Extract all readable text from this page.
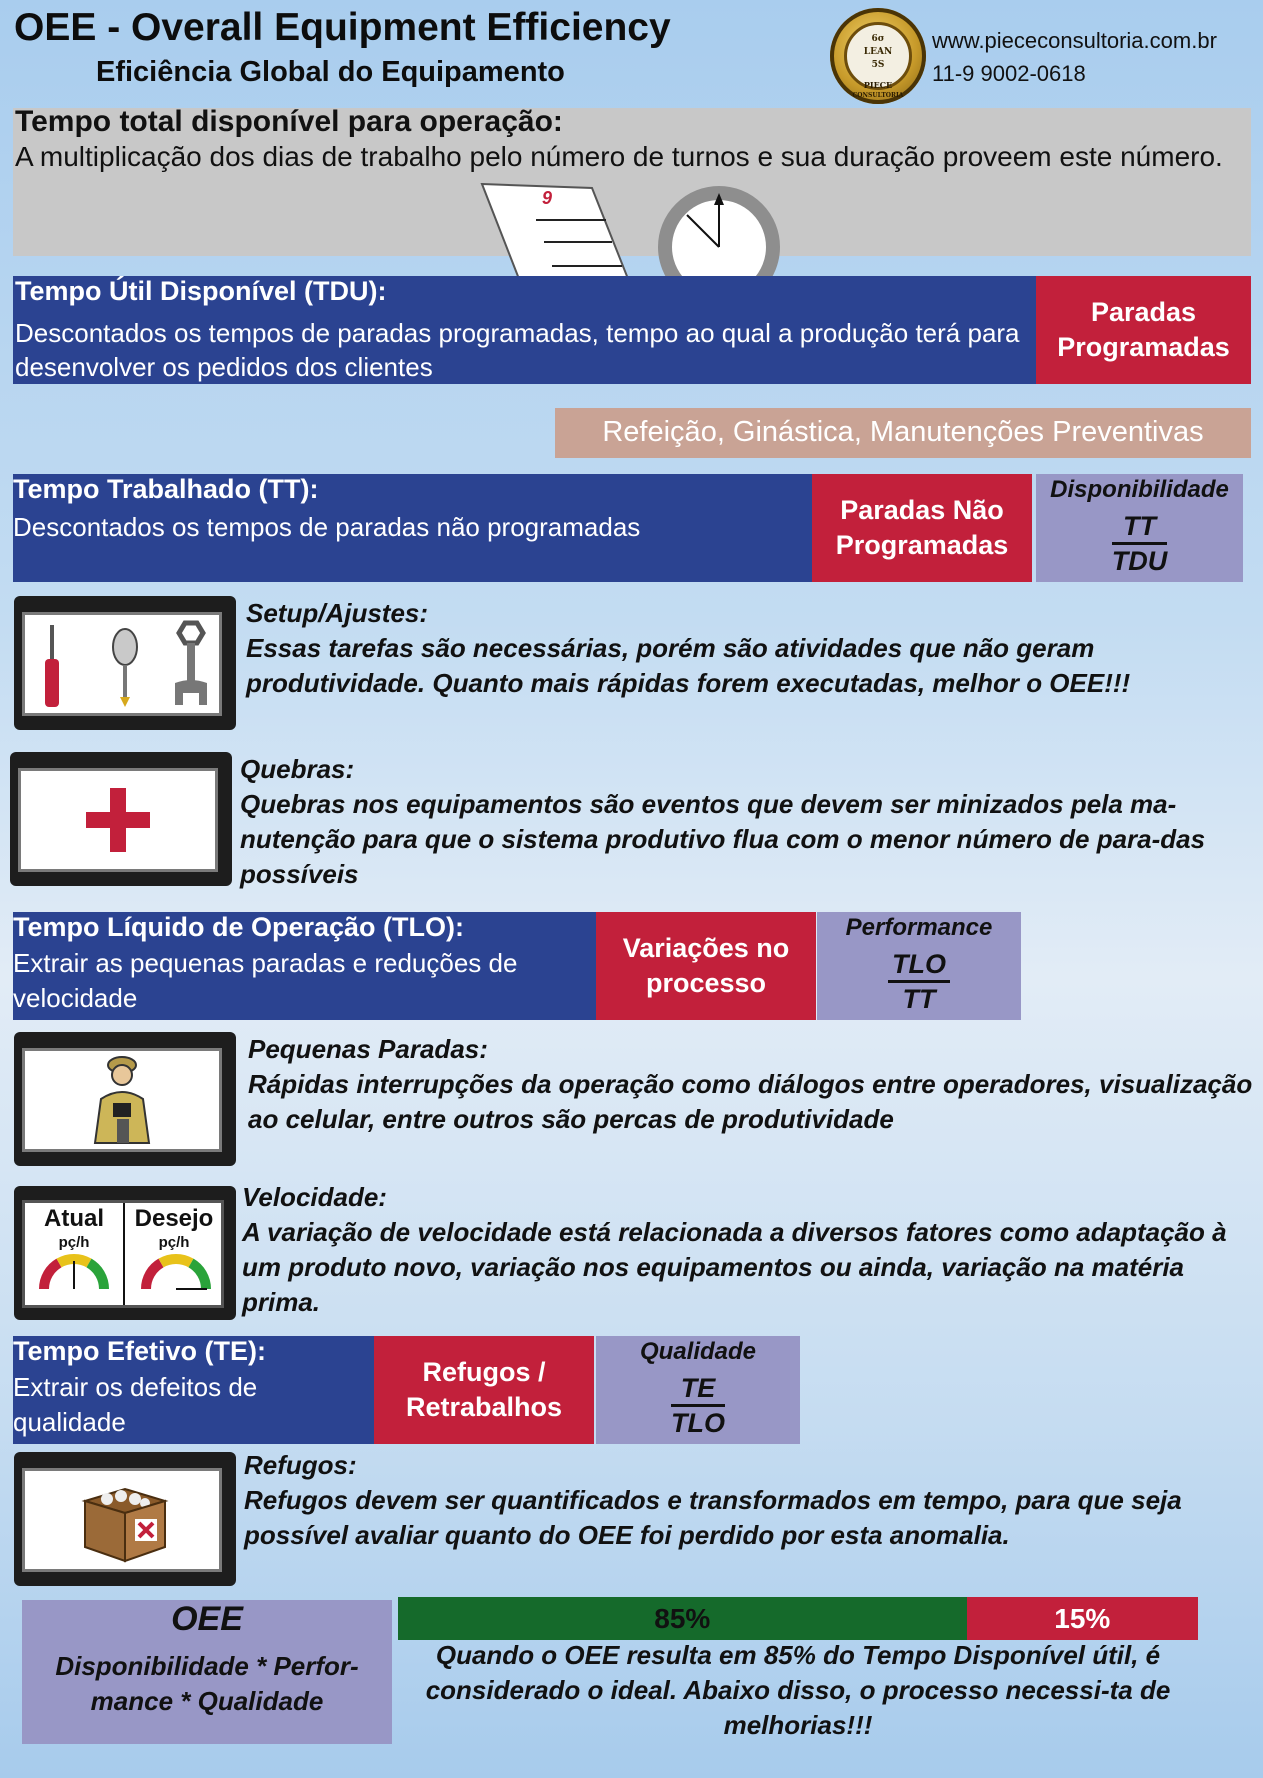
OEE - Overall Equipment Efficiency
Eficiência Global do Equipamento
6σ
LEAN
5S
PIECE
CONSULTORIA
www.piececonsultoria.com.br
11-9 9002-0618
Tempo total disponível para operação:
A multiplicação dos dias de trabalho pelo número de turnos e sua duração proveem este número.
9
Tempo Útil Disponível (TDU):
Descontados os tempos de paradas programadas, tempo ao qual a produção terá para desenvolver os pedidos dos clientes
Paradas Programadas
Refeição, Ginástica, Manutenções Preventivas
Tempo Trabalhado (TT):
Descontados os tempos de paradas não programadas
Paradas Não Programadas
Disponibilidade
$\frac{TT}{\text{TDU}}$
Setup/Ajustes:
Essas tarefas são necessárias, porém são atividades que não geram produtividade. Quanto mais rápidas forem executadas, melhor o OEE!!!
Quebras:
Quebras nos equipamentos são eventos que devem ser minizados pela ma-nutenção para que o sistema produtivo flua com o menor número de para-das possíveis
Tempo Líquido de Operação (TLO):
Extrair as pequenas paradas e reduções de velocidade
Variações no processo
Performance
$\frac{\text{TLO}}{TT}$
Pequenas Paradas:
Rápidas interrupções da operação como diálogos entre operadores, visualização ao celular, entre outros são percas de produtividade
Atual	Desejo
pç/h	pç/h
Velocidade:
A variação de velocidade está relacionada a diversos fatores como adaptação à um produto novo, variação nos equipamentos ou ainda, variação na matéria prima.
Tempo Efetivo (TE):
Extrair os defeitos de qualidade
Refugos / Retrabalhos
Qualidade
$\frac{TE}{\text{TLO}}$
Refugos:
Refugos devem ser quantificados e transformados em tempo, para que seja possível avaliar quanto do OEE foi perdido por esta anomalia.
OEE
Disponibilidade * Perfor-mance * Qualidade
85%	15%
Quando o OEE resulta em 85% do Tempo Disponível útil, é considerado o ideal. Abaixo disso, o processo necessi-ta de melhorias!!!
